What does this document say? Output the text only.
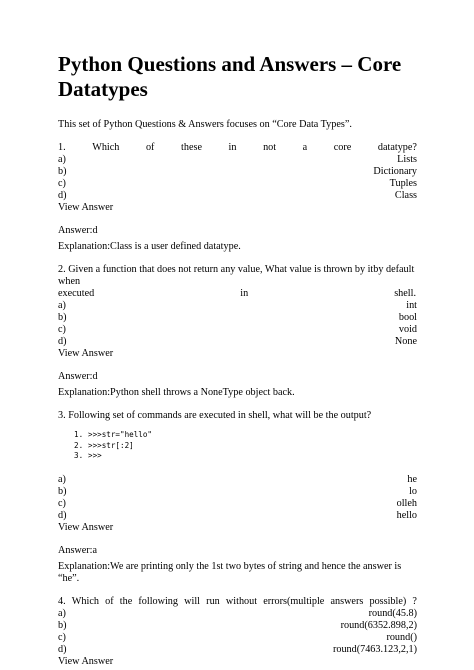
Python Questions and Answers – Core Datatypes

This set of Python Questions & Answers focuses on “Core Data Types”.

1.	Which	of	these	in	not	a	core	datatype?
a)	Lists
b)	Dictionary
c)	Tuples
d)	Class
View Answer

Answer:d

Explanation:Class is a user defined datatype.

2. Given a function that does not return any value, What value is thrown by itby default when

executed	in	shell.
a)	int
b)	bool
c)	void
d)	None
View Answer

Answer:d

Explanation:Python shell throws a NoneType object back.

3. Following set of commands are executed in shell, what will be the output?

1. >>>str="hello"
2. >>>str[:2]
3. >>>
a)	he
b)	lo
c)	olleh
d)	hello
View Answer

Answer:a

Explanation:We are printing only the 1st two bytes of string and hence the answer is “he”.

4. Which of the following will run without errors(multiple answers possible) ?
a)	round(45.8)
b)	round(6352.898,2)
c)	round()
d)	round(7463.123,2,1)
View Answer
